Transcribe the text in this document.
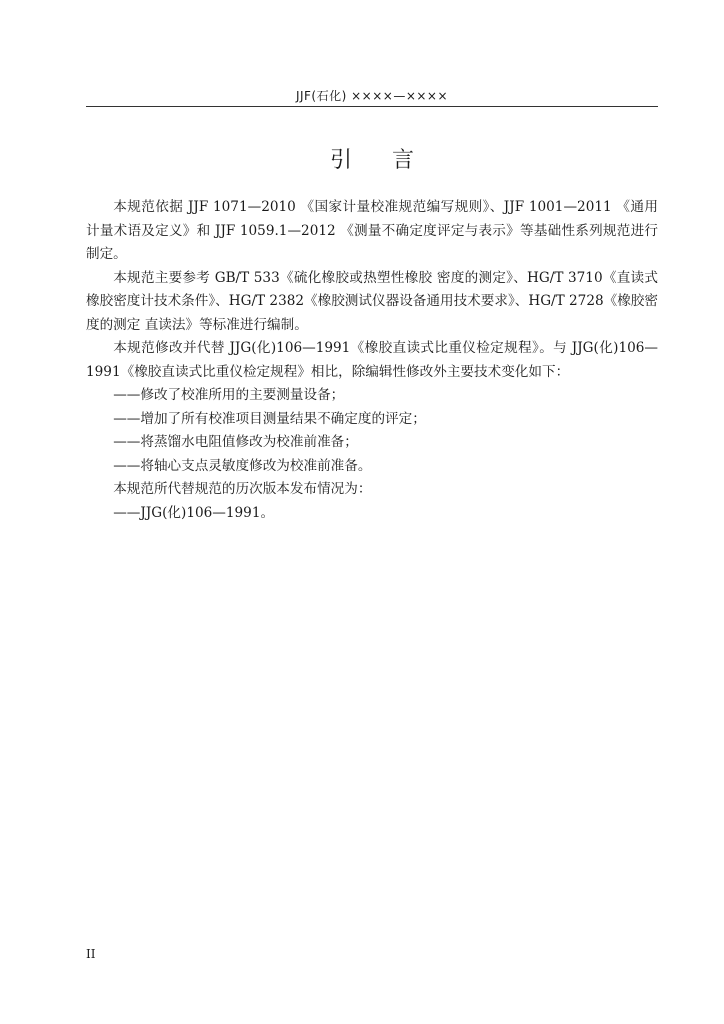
JJF(石化) ××××—××××
引言

本规范依据 JJF 1071—2010 《国家计量校准规范编写规则》、JJF 1001—2011 《通用计量术语及定义》和 JJF 1059.1—2012 《测量不确定度评定与表示》等基础性系列规范进行制定。

本规范主要参考 GB/T 533《硫化橡胶或热塑性橡胶 密度的测定》、HG/T 3710《直读式橡胶密度计技术条件》、HG/T 2382《橡胶测试仪器设备通用技术要求》、HG/T 2728《橡胶密度的测定 直读法》等标准进行编制。

本规范修改并代替 JJG(化)106—1991《橡胶直读式比重仪检定规程》。与 JJG(化)106—1991《橡胶直读式比重仪检定规程》相比，除编辑性修改外主要技术变化如下：

——修改了校准所用的主要测量设备；

——增加了所有校准项目测量结果不确定度的评定；

——将蒸馏水电阻值修改为校准前准备；

——将轴心支点灵敏度修改为校准前准备。

本规范所代替规范的历次版本发布情况为：

——JJG(化)106—1991。

II
